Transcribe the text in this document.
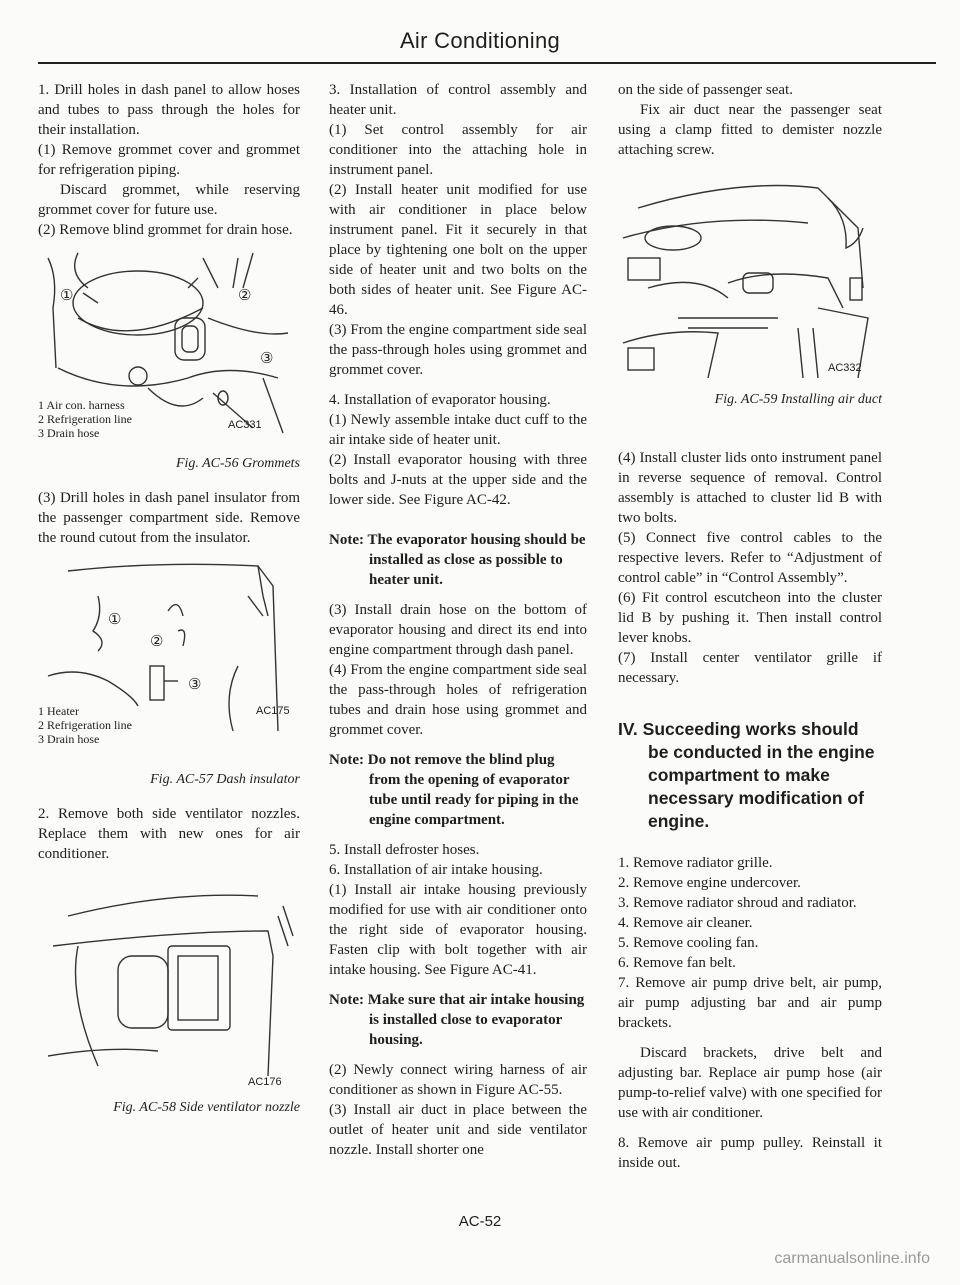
Air Conditioning

1. Drill holes in dash panel to allow hoses and tubes to pass through the holes for their installation.

(1) Remove grommet cover and grommet for refrigeration piping.

Discard grommet, while reserving grommet cover for future use.

(2) Remove blind grommet for drain hose.

①	②
③
1 Air con. harness
2 Refrigeration line
3 Drain hose
AC331
Fig. AC-56 Grommets

(3) Drill holes in dash panel insulator from the passenger compartment side. Remove the round cutout from the insulator.

①
②
③
1 Heater
2 Refrigeration line
3 Drain hose
AC175
Fig. AC-57 Dash insulator

2. Remove both side ventilator nozzles. Replace them with new ones for air conditioner.

AC176
Fig. AC-58 Side ventilator nozzle

3. Installation of control assembly and heater unit.

(1) Set control assembly for air conditioner into the attaching hole in instrument panel.

(2) Install heater unit modified for use with air conditioner in place below instrument panel. Fit it securely in that place by tightening one bolt on the upper side of heater unit and two bolts on the both sides of heater unit. See Figure AC-46.

(3) From the engine compartment side seal the pass-through holes using grommet and grommet cover.

4. Installation of evaporator housing.

(1) Newly assemble intake duct cuff to the air intake side of heater unit.

(2) Install evaporator housing with three bolts and J-nuts at the upper side and the lower side. See Figure AC-42.

Note: The evaporator housing should be installed as close as possible to heater unit.

(3) Install drain hose on the bottom of evaporator housing and direct its end into engine compartment through dash panel.

(4) From the engine compartment side seal the pass-through holes of refrigeration tubes and drain hose using grommet and grommet cover.

Note: Do not remove the blind plug from the opening of evaporator tube until ready for piping in the engine compartment.

5. Install defroster hoses.

6. Installation of air intake housing.

(1) Install air intake housing previously modified for use with air conditioner onto the right side of evaporator housing. Fasten clip with bolt together with air intake housing. See Figure AC-41.

Note: Make sure that air intake housing is installed close to evaporator housing.

(2) Newly connect wiring harness of air conditioner as shown in Figure AC-55.

(3) Install air duct in place between the outlet of heater unit and side ventilator nozzle. Install shorter one

on the side of passenger seat.

Fix air duct near the passenger seat using a clamp fitted to demister nozzle attaching screw.

AC332
Fig. AC-59 Installing air duct

(4) Install cluster lids onto instrument panel in reverse sequence of removal. Control assembly is attached to cluster lid B with two bolts.

(5) Connect five control cables to the respective levers. Refer to “Adjustment of control cable” in “Control Assembly”.

(6) Fit control escutcheon into the cluster lid B by pushing it. Then install control lever knobs.

(7) Install center ventilator grille if necessary.

IV. Succeeding works should be conducted in the engine compartment to make necessary modification of engine.

1. Remove radiator grille.

2. Remove engine undercover.

3. Remove radiator shroud and radiator.

4. Remove air cleaner.

5. Remove cooling fan.

6. Remove fan belt.

7. Remove air pump drive belt, air pump, air pump adjusting bar and air pump brackets.

Discard brackets, drive belt and adjusting bar. Replace air pump hose (air pump-to-relief valve) with one specified for use with air conditioner.

8. Remove air pump pulley. Reinstall it inside out.

AC-52
carmanualsonline.info
